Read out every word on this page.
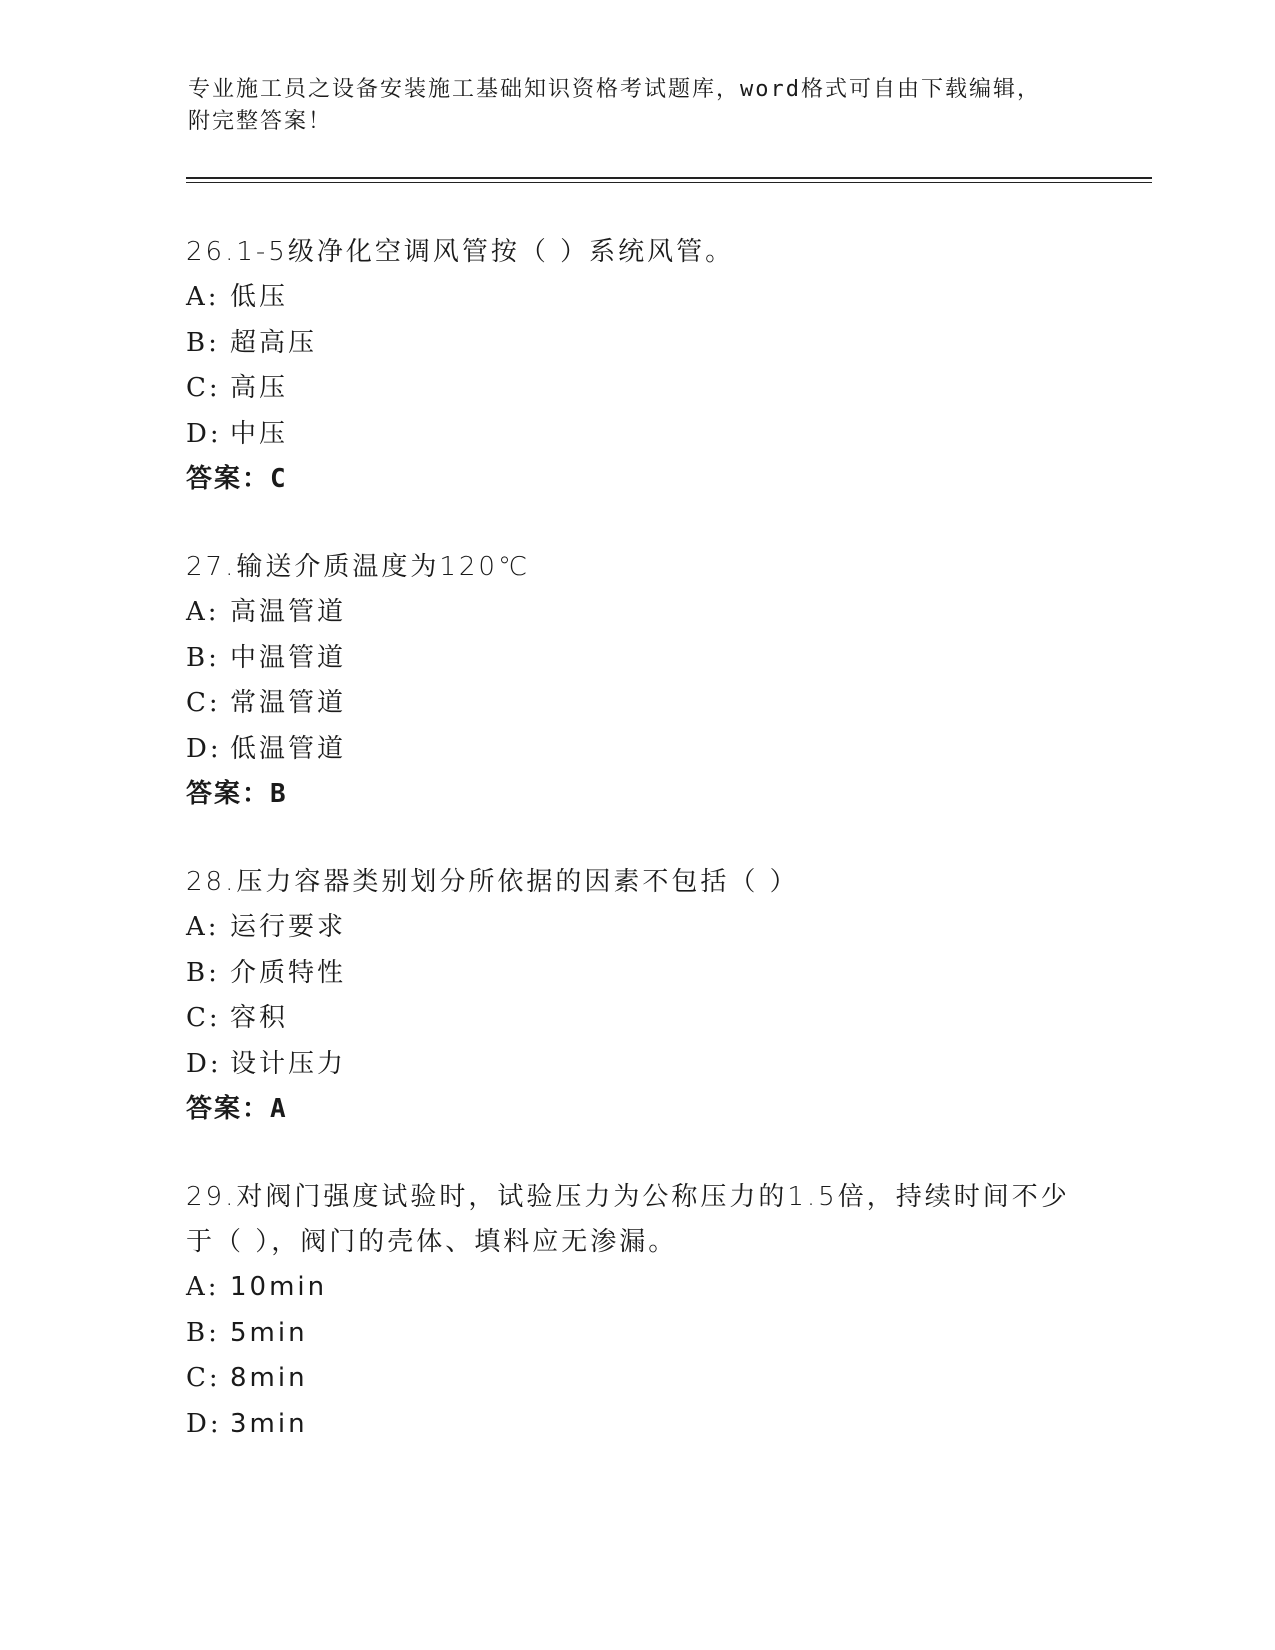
专业施工员之设备安装施工基础知识资格考试题库，word格式可自由下载编辑，
附完整答案！
26.1-5级净化空调风管按（ ）系统风管。
A: 低压
B: 超高压
C: 高压
D: 中压
答案：C
27.输送介质温度为120℃
A: 高温管道
B: 中温管道
C: 常温管道
D: 低温管道
答案：B
28.压力容器类别划分所依据的因素不包括（ ）
A: 运行要求
B: 介质特性
C: 容积
D: 设计压力
答案：A
29.对阀门强度试验时，试验压力为公称压力的1.5倍，持续时间不少
于（ ），阀门的壳体、填料应无渗漏。
A: 10min
B: 5min
C: 8min
D: 3min
